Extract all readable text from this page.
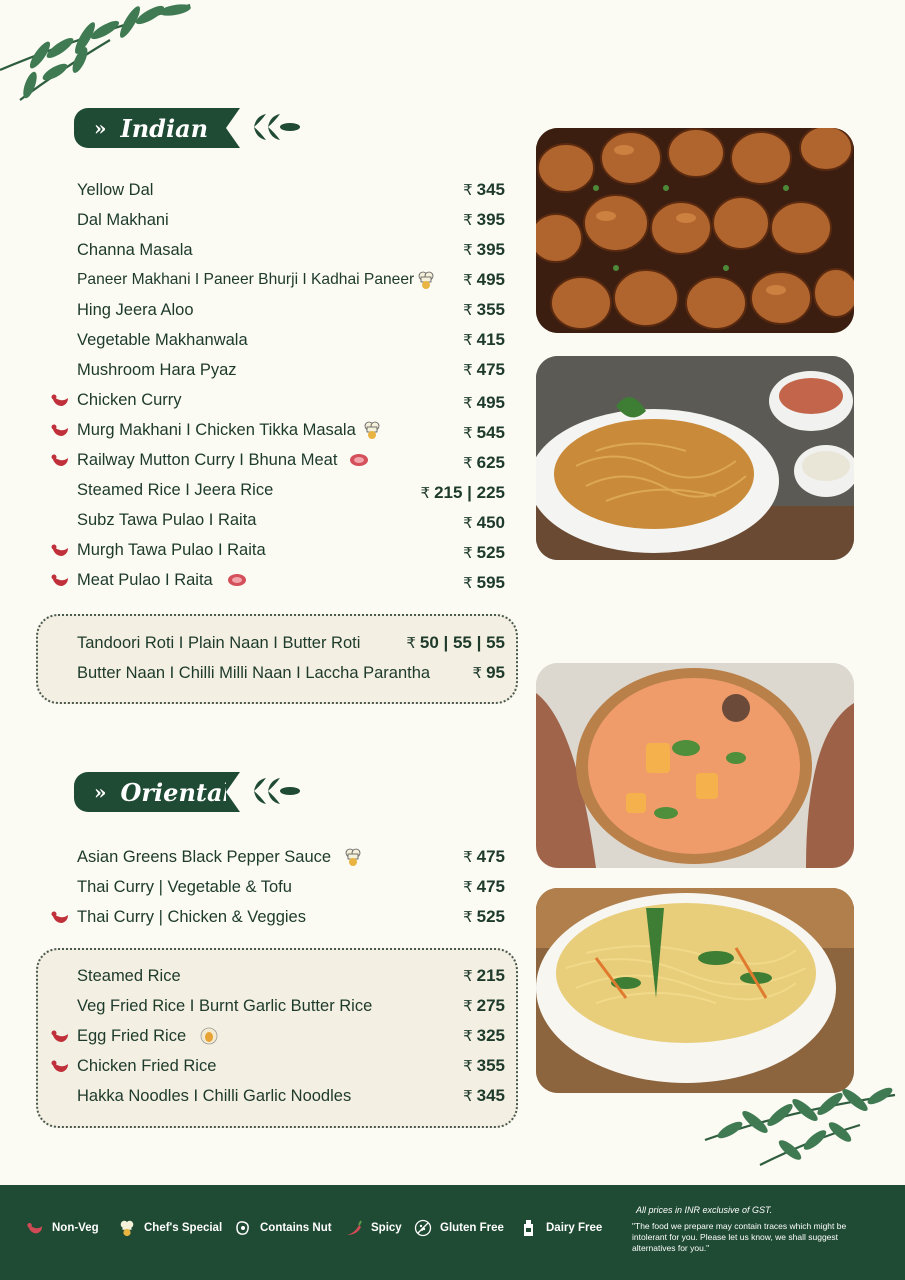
» Indian
Yellow Dal	₹ 345
Dal Makhani	₹ 395
Channa Masala	₹ 395
Paneer Makhani I Paneer Bhurji I Kadhai Paneer	₹ 495
Hing Jeera Aloo	₹ 355
Vegetable Makhanwala	₹ 415
Mushroom Hara Pyaz	₹ 475
Chicken Curry	₹ 495
Murg Makhani I Chicken Tikka Masala	₹ 545
Railway Mutton Curry I Bhuna Meat	₹ 625
Steamed Rice I Jeera Rice	₹ 215 | 225
Subz Tawa Pulao I Raita	₹ 450
Murgh Tawa Pulao I Raita	₹ 525
Meat Pulao I Raita	₹ 595
Tandoori Roti I Plain Naan I Butter Roti	₹ 50 | 55 | 55
Butter Naan I Chilli Milli Naan I Laccha Parantha	₹ 95
» Oriental
Asian Greens Black Pepper Sauce	₹ 475
Thai Curry | Vegetable & Tofu	₹ 475
Thai Curry | Chicken & Veggies	₹ 525
Steamed Rice	₹ 215
Veg Fried Rice I Burnt Garlic Butter Rice	₹ 275
Egg Fried Rice	₹ 325
Chicken Fried Rice	₹ 355
Hakka Noodles I Chilli Garlic Noodles	₹ 345
Non-Veg	Chef's Special	Contains Nut	Spicy	Gluten Free	Dairy Free
All prices in INR exclusive of GST.
"The food we prepare may contain traces which might be intolerant for you. Please let us know, we shall suggest alternatives for you."
